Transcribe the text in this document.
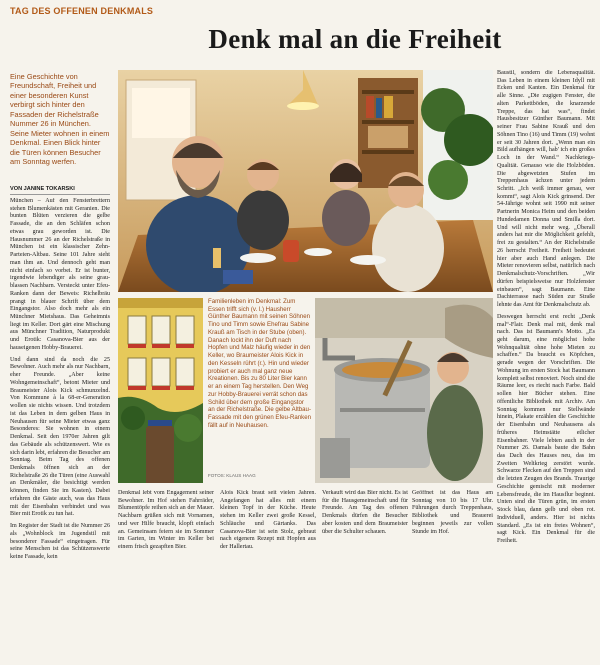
TAG DES OFFENEN DENKMALS
Denk mal an die Freiheit
Eine Geschichte von Freundschaft, Freiheit und einer besonderen Kunst verbirgt sich hinter den Fassaden der Richelstraße Nummer 26 in München. Seine Mieter wohnen in einem Denkmal. Einen Blick hinter die Türen können Besucher am Sonntag werfen.
VON JANINE TOKARSKI

München – Auf den Fensterbrettern stehen Blumenkästen mit Geranien. Die bunten Blüten verzieren die gelbe Fassade, die an den Schläfen schon etwas grau geworden ist. Die Hausnummer 26 an der Richelstraße in München ist ein klassischer Zehn-Parteien-Altbau. Seine 101 Jahre sieht man ihm an. Und dennoch geht man nicht einfach so vorbei. Er ist bunter, irgendwie lebendiger als seine grau-blassen Nachbarn. Versteckt unter Efeu-Ranken dann der Beweis: Richelbräu prangt in blauer Schrift über dem Eingangstor. Also doch mehr als ein Münchner Mietshaus. Das Geheimnis liegt im Keller. Dort gärt eine Mischung aus Münchner Tradition, Naturprodukt und Erotik: Casanova-Bier aus der hauseigenen Hobby-Brauerei.

Und dann sind da noch die 25 Bewohner. Auch mehr als nur Nachbarn, eher Freunde. „Aber keine Wohngemeinschaft“, betont Mieter und Braumeister Alois Kick schmunzelnd. Von Kommune à la 68-er-Generation wollen sie nichts wissen. Und trotzdem ist das Leben in dem gelben Haus in Neuhausen für seine Mieter etwas ganz Besonderes: Sie wohnen in einem Denkmal. Seit den 1970er Jahren gilt das Gebäude als schützenswert. Wie es sich darin lebt, erfahren die Besucher am Sonntag. Beim Tag des offenen Denkmals öffnen sich an der Richelstraße 26 die Türen (eine Auswahl an Denkmäler, die besichtigt werden können, finden Sie im Kasten). Dabei erfahren die Gäste auch, was das Haus mit der Eisenbahn verbindet und was Bier mit Erotik zu tun hat.

Im Register der Stadt ist die Nummer 26 als „Wohnblock im Jugendstil mit besonderer Fassade“ eingetragen. Für seine Menschen ist das Schützenswerte keine Fassade, kein

Familienleben im Denkmal: Zum Essen trifft sich (v. l.) Hausherr Günther Baumann mit seinen Söhnen Tino und Timm sowie Ehefrau Sabine Krauß am Tisch in der Stube (oben). Danach lockt ihn der Duft nach Hopfen und Malz häufig wieder in den Keller, wo Braumeister Alois Kick in den Kesseln rührt (r.). Hin und wieder probiert er auch mal ganz neue Kreationen. Bis zu 80 Liter Bier kann er an einem Tag herstellen. Den Weg zur Hobby-Brauerei verrät schon das Schild über dem große Eingangstor an der Richelstraße. Die gelbe Altbau-Fassade mit den grünen Efeu-Ranken fällt auf in Neuhausen.
FOTOS: KLAUS HAAG

Denkmal lebt vom Engagement seiner Bewohner. Im Hof stehen Fahrräder, Blumentöpfe reihen sich an der Mauer. Nachbarn grüßen sich mit Vornamen, und wer Hilfe braucht, klopft einfach an. Gemeinsam feiern sie im Sommer im Garten, im Winter im Keller bei einem frisch gezapften Bier.

Alois Kick braut seit vielen Jahren. Angefangen hat alles mit einem kleinen Topf in der Küche. Heute stehen im Keller zwei große Kessel, Schläuche und Gärtanks. Das Casanova-Bier ist sein Stolz, gebraut nach eigenem Rezept mit Hopfen aus der Hallertau.

Verkauft wird das Bier nicht. Es ist für die Hausgemeinschaft und für Freunde. Am Tag des offenen Denkmals dürfen die Besucher aber kosten und dem Braumeister über die Schulter schauen.

Geöffnet ist das Haus am Sonntag von 10 bis 17 Uhr. Führungen durch Treppenhaus, Bibliothek und Brauerei beginnen jeweils zur vollen Stunde im Hof.

Baustil, sondern die Lebensqualität. Das Leben in einem kleinen Idyll mit Ecken und Kanten. Ein Denkmal für alle Sinne. „Die zugigen Fenster, die alten Parkettböden, die knarzende Treppe, das hat was“, findet Hausbesitzer Günther Baumann. Mit seiner Frau Sabine Krauß und den Söhnen Tino (16) und Timm (19) wohnt er seit 30 Jahren dort. „Wenn man ein Bild aufhängen will, hab' ich ein großes Loch in der Wand.“ Nachkriegs-Qualität. Genauso wie die Holzböden. Die abgewetzten Stufen im Treppenhaus ächzen unter jedem Schritt. „Ich weiß immer genau, wer kommt“, sagt Alois Kick grinsend. Der 54-Jährige wohnt seit 1990 mit seiner Partnerin Monica Heim und den beiden Hundedamen Donna und Smilla dort. Und will nicht mehr weg. „Überall anders hat mir die Möglichkeit gefehlt, frei zu gestalten.“ An der Richelstraße 26 herrscht Freiheit. Freiheit bedeutet hier aber auch Hand anlegen. Die Mieter renovieren selbst, natürlich nach Denkmalschutz-Vorschriften. „Wir dürfen beispielsweise nur Holzfenster einbauen“, sagt Baumann. Eine Dachterrasse nach Süden zur Straße lehnte das Amt für Denkmalschutz ab.

Deswegen herrscht erst recht „Denk mal“-Flair. Denk mal mit, denk mal nach. Das ist Baumann's Motto. „Es geht darum, eine möglichst hohe Wohnqualität ohne hohe Mieten zu schaffen.“ Da braucht es Köpfchen, gerade wegen der Vorschriften. Die Wohnung im ersten Stock hat Baumann komplett selbst renoviert. Noch sind die Räume leer, es riecht nach Farbe. Bald sollen hier Bücher stehen. Eine öffentliche Bibliothek mit Archiv. Am Sonntag kommen nur Stellwände hinein, Plakate erzählen die Geschichte der Eisenbahn und Neuhausens als früheres Heimstätte etlicher Eisenbahner. Viele lebten auch in der Nummer 26. Damals baute die Bahn das Dach des Hauses neu, das im Zweiten Weltkrieg zerstört wurde. Schwarze Flecken auf den Treppen sind die letzten Zeugen des Brands. Traurige Geschichte gemischt mit moderner Lebensfreude, die im Hausflur beginnt. Unten sind die Türen grün, im ersten Stock blau, dann gelb und oben rot. Individuell, anders. Hier ist nichts Standard. „Es ist ein freies Wohnen“, sagt Kick. Ein Denkmal für die Freiheit.
